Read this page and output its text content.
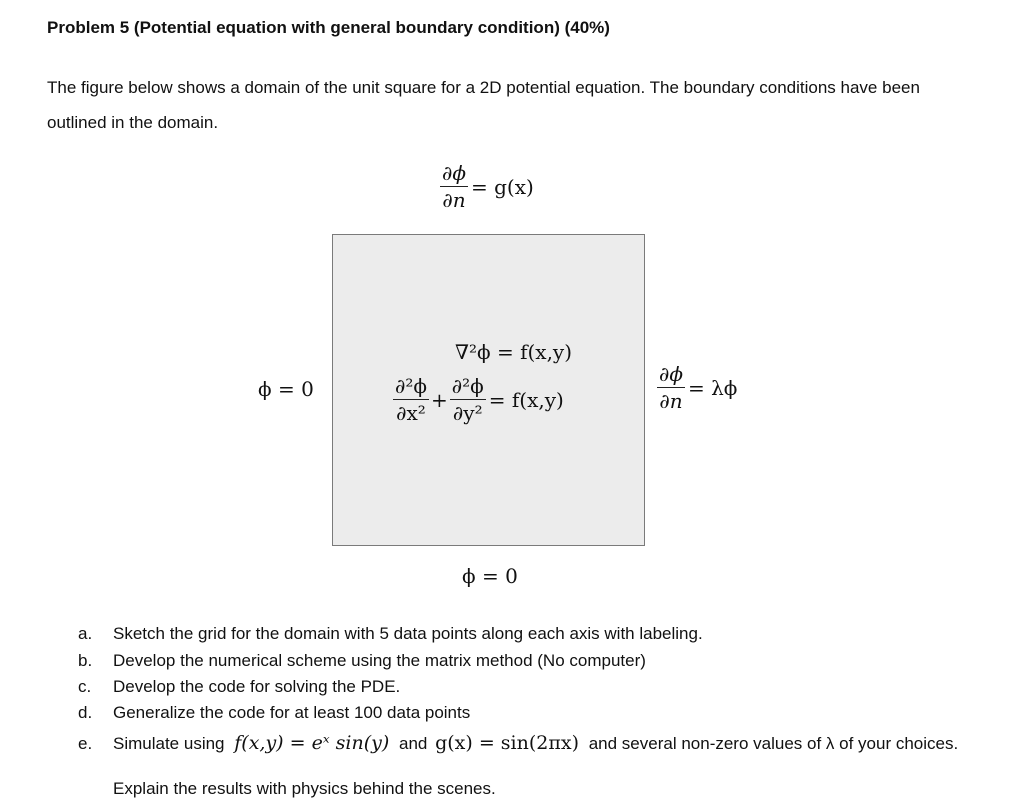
Problem 5 (Potential equation with general boundary condition) (40%)
The figure below shows a domain of the unit square for a 2D potential equation. The boundary conditions have been outlined in the domain.
$\frac{\partial\phi}{\partial n} = g(x)$
ϕ = 0
∇²ϕ = f(x,y)
$\frac{\text{∂²ϕ}}{\text{∂x²}} + \frac{\text{∂²ϕ}}{\text{∂y²}} = f(x,y)$	$\frac{\partial\phi}{\partial n} = \lambda\phi$
ϕ = 0
a. Sketch the grid for the domain with 5 data points along each axis with labeling.
b. Develop the numerical scheme using the matrix method (No computer)
c. Develop the code for solving the PDE.
d. Generalize the code for at least 100 data points
e. Simulate using f(x,y) = eˣ sin(y) and g(x) = sin(2πx) and several non-zero values of λ of your choices.
Explain the results with physics behind the scenes.
